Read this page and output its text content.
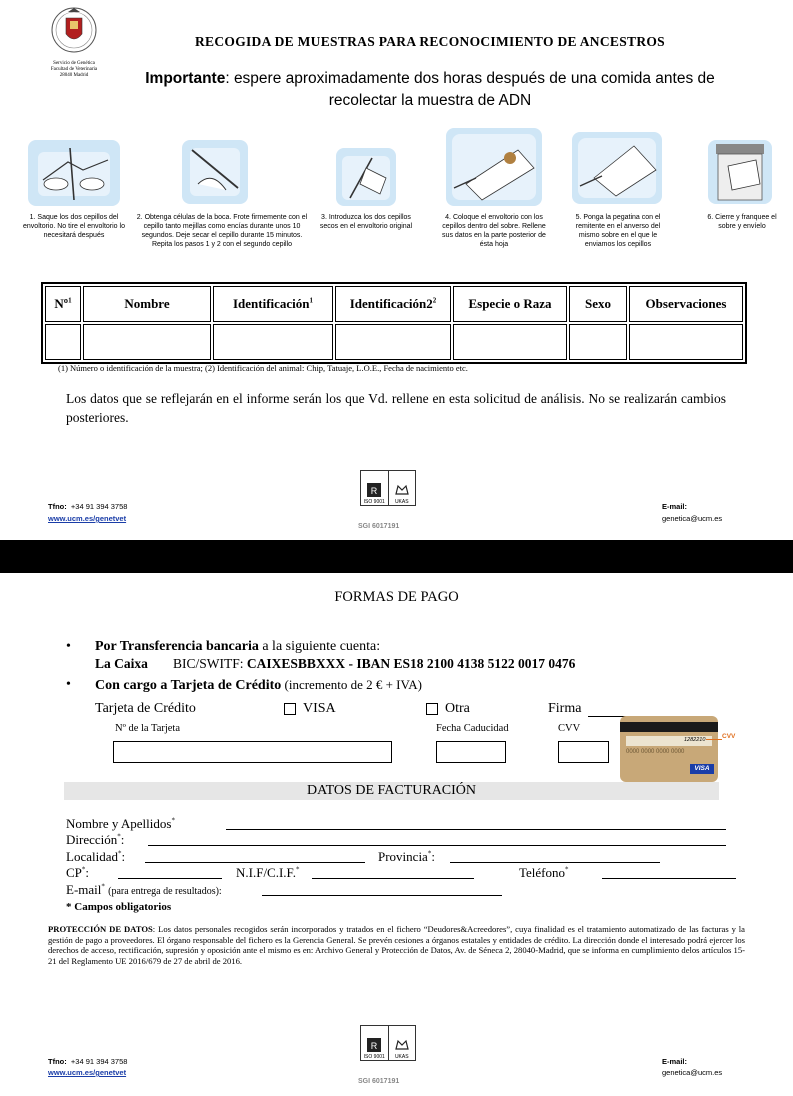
Servicio de Genética
Facultad de Veterinaria
28040 Madrid
RECOGIDA DE MUESTRAS PARA RECONOCIMIENTO DE ANCESTROS
Importante: espere aproximadamente dos horas después de una comida antes de recolectar la muestra de ADN
1. Saque los dos cepillos del envoltorio. No tire el envoltorio lo necesitará después
2. Obtenga células de la boca. Frote firmemente con el cepillo tanto mejillas como encías durante unos 10 segundos. Deje secar el cepillo durante 15 minutos. Repita los pasos 1 y 2 con el segundo cepillo
3. Introduzca los dos cepillos secos en el envoltorio original
4. Coloque el envoltorio con los cepillos dentro del sobre. Rellene sus datos en la parte posterior de ésta hoja
5. Ponga la pegatina con el remitente en el anverso del mismo sobre en el que le enviamos los cepillos
6. Cierre y franquee el sobre y envíelo
Nº$^1$	Nombre	Identificación$^1$	$Identificación2^2$	Especie o Raza	Sexo	Observaciones

(1) Número o identificación de la muestra; (2) Identificación del animal: Chip, Tatuaje, L.O.E., Fecha de nacimiento etc.
Los datos que se reflejarán en el informe serán los que Vd. rellene en esta solicitud de análisis. No se realizarán cambios posteriores.
R
ISO 9001 UKAS
Tfno: +34 91 394 3758
www.ucm.es/genetvet
SGI 6017191
E-mail:
genetica@ucm.es
FORMAS DE PAGO
• Por Transferencia bancaria a la siguiente cuenta:
La Caixa BIC/SWITF: CAIXESBBXXX - IBAN ES18 2100 4138 5122 0017 0476
• Con cargo a Tarjeta de Crédito (incremento de 2 € + IVA)
Tarjeta de Crédito	VISA	Otra	Firma
Nº de la Tarjeta	Fecha Caducidad	CVV
1282210
0000 0000 0000 0000
VISA
CVV
DATOS DE FACTURACIÓN
Nombre y Apellidos*
Dirección*:
Localidad*:	Provincia*:
CP*:	N.I.F/C.I.F.*	Teléfono*
E-mail* (para entrega de resultados):
* Campos obligatorios
PROTECCIÓN DE DATOS: Los datos personales recogidos serán incorporados y tratados en el fichero “Deudores&Acreedores”, cuya finalidad es el tratamiento automatizado de las facturas y la gestión de pago a proveedores. El órgano responsable del fichero es la Gerencia General. Se prevén cesiones a órganos estatales y entidades de crédito. La dirección donde el interesado podrá ejercer los derechos de acceso, rectificación, supresión y oposición ante el mismo es en: Archivo General y Protección de Datos, Av. de Séneca 2, 28040-Madrid, que se informa en cumplimiento delos artículos 15-21 del Reglamento UE 2016/679 de 27 de abril de 2016.
R
ISO 9001 UKAS
Tfno: +34 91 394 3758
www.ucm.es/genetvet
SGI 6017191
E-mail:
genetica@ucm.es
